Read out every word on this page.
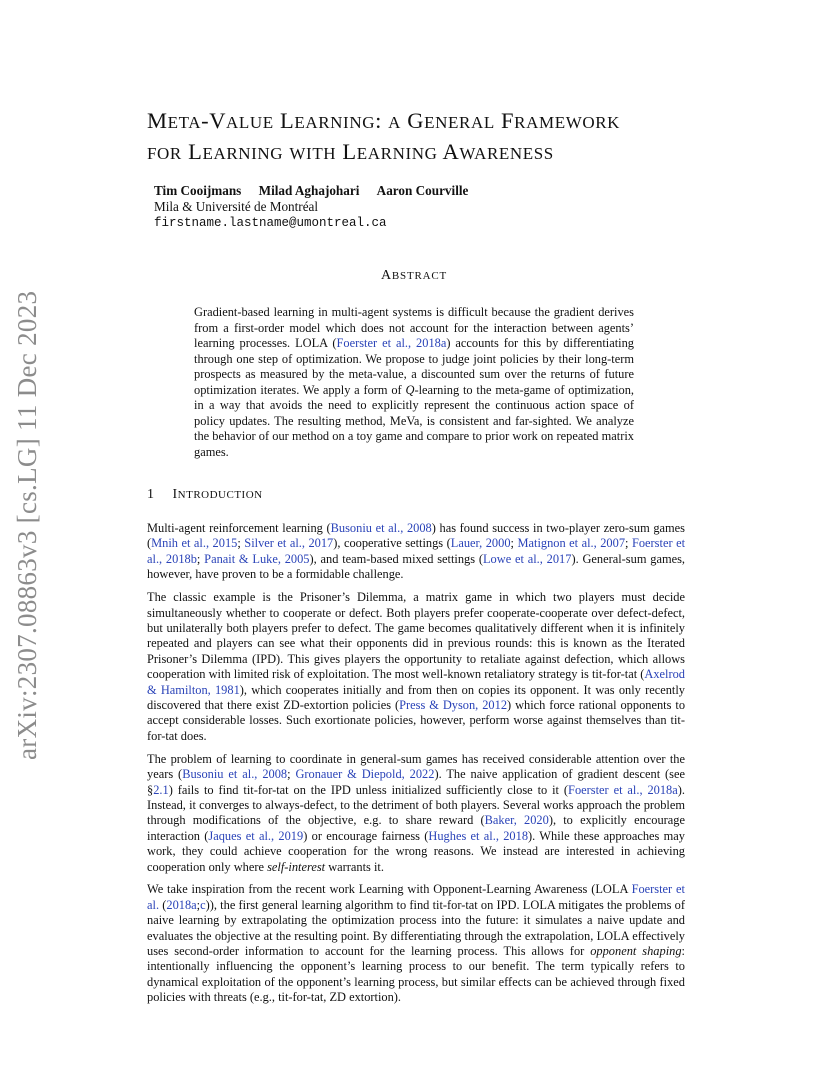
arXiv:2307.08863v3 [cs.LG] 11 Dec 2023
META-VALUE LEARNING: A GENERAL FRAMEWORK
FOR LEARNING WITH LEARNING AWARENESS
Tim Cooijmans Milad Aghajohari Aaron Courville
Mila & Université de Montréal
firstname.lastname@umontreal.ca
ABSTRACT

Gradient-based learning in multi-agent systems is difficult because the gradient derives from a first-order model which does not account for the interaction between agents’ learning processes. LOLA (Foerster et al., 2018a) accounts for this by differentiating through one step of optimization. We propose to judge joint policies by their long-term prospects as measured by the meta-value, a discounted sum over the returns of future optimization iterates. We apply a form of Q-learning to the meta-game of optimization, in a way that avoids the need to explicitly represent the continuous action space of policy updates. The resulting method, MeVa, is consistent and far-sighted. We analyze the behavior of our method on a toy game and compare to prior work on repeated matrix games.

1 INTRODUCTION

Multi-agent reinforcement learning (Busoniu et al., 2008) has found success in two-player zero-sum games (Mnih et al., 2015; Silver et al., 2017), cooperative settings (Lauer, 2000; Matignon et al., 2007; Foerster et al., 2018b; Panait & Luke, 2005), and team-based mixed settings (Lowe et al., 2017). General-sum games, however, have proven to be a formidable challenge.

The classic example is the Prisoner’s Dilemma, a matrix game in which two players must decide simultaneously whether to cooperate or defect. Both players prefer cooperate-cooperate over defect-defect, but unilaterally both players prefer to defect. The game becomes qualitatively different when it is infinitely repeated and players can see what their opponents did in previous rounds: this is known as the Iterated Prisoner’s Dilemma (IPD). This gives players the opportunity to retaliate against defection, which allows cooperation with limited risk of exploitation. The most well-known retaliatory strategy is tit-for-tat (Axelrod & Hamilton, 1981), which cooperates initially and from then on copies its opponent. It was only recently discovered that there exist ZD-extortion policies (Press & Dyson, 2012) which force rational opponents to accept considerable losses. Such exortionate policies, however, perform worse against themselves than tit-for-tat does.

The problem of learning to coordinate in general-sum games has received considerable attention over the years (Busoniu et al., 2008; Gronauer & Diepold, 2022). The naive application of gradient descent (see §2.1) fails to find tit-for-tat on the IPD unless initialized sufficiently close to it (Foerster et al., 2018a). Instead, it converges to always-defect, to the detriment of both players. Several works approach the problem through modifications of the objective, e.g. to share reward (Baker, 2020), to explicitly encourage interaction (Jaques et al., 2019) or encourage fairness (Hughes et al., 2018). While these approaches may work, they could achieve cooperation for the wrong reasons. We instead are interested in achieving cooperation only where self-interest warrants it.

We take inspiration from the recent work Learning with Opponent-Learning Awareness (LOLA Foerster et al. (2018a;c)), the first general learning algorithm to find tit-for-tat on IPD. LOLA mitigates the problems of naive learning by extrapolating the optimization process into the future: it simulates a naive update and evaluates the objective at the resulting point. By differentiating through the extrapolation, LOLA effectively uses second-order information to account for the learning process. This allows for opponent shaping: intentionally influencing the opponent’s learning process to our benefit. The term typically refers to dynamical exploitation of the opponent’s learning process, but similar effects can be achieved through fixed policies with threats (e.g., tit-for-tat, ZD extortion).
